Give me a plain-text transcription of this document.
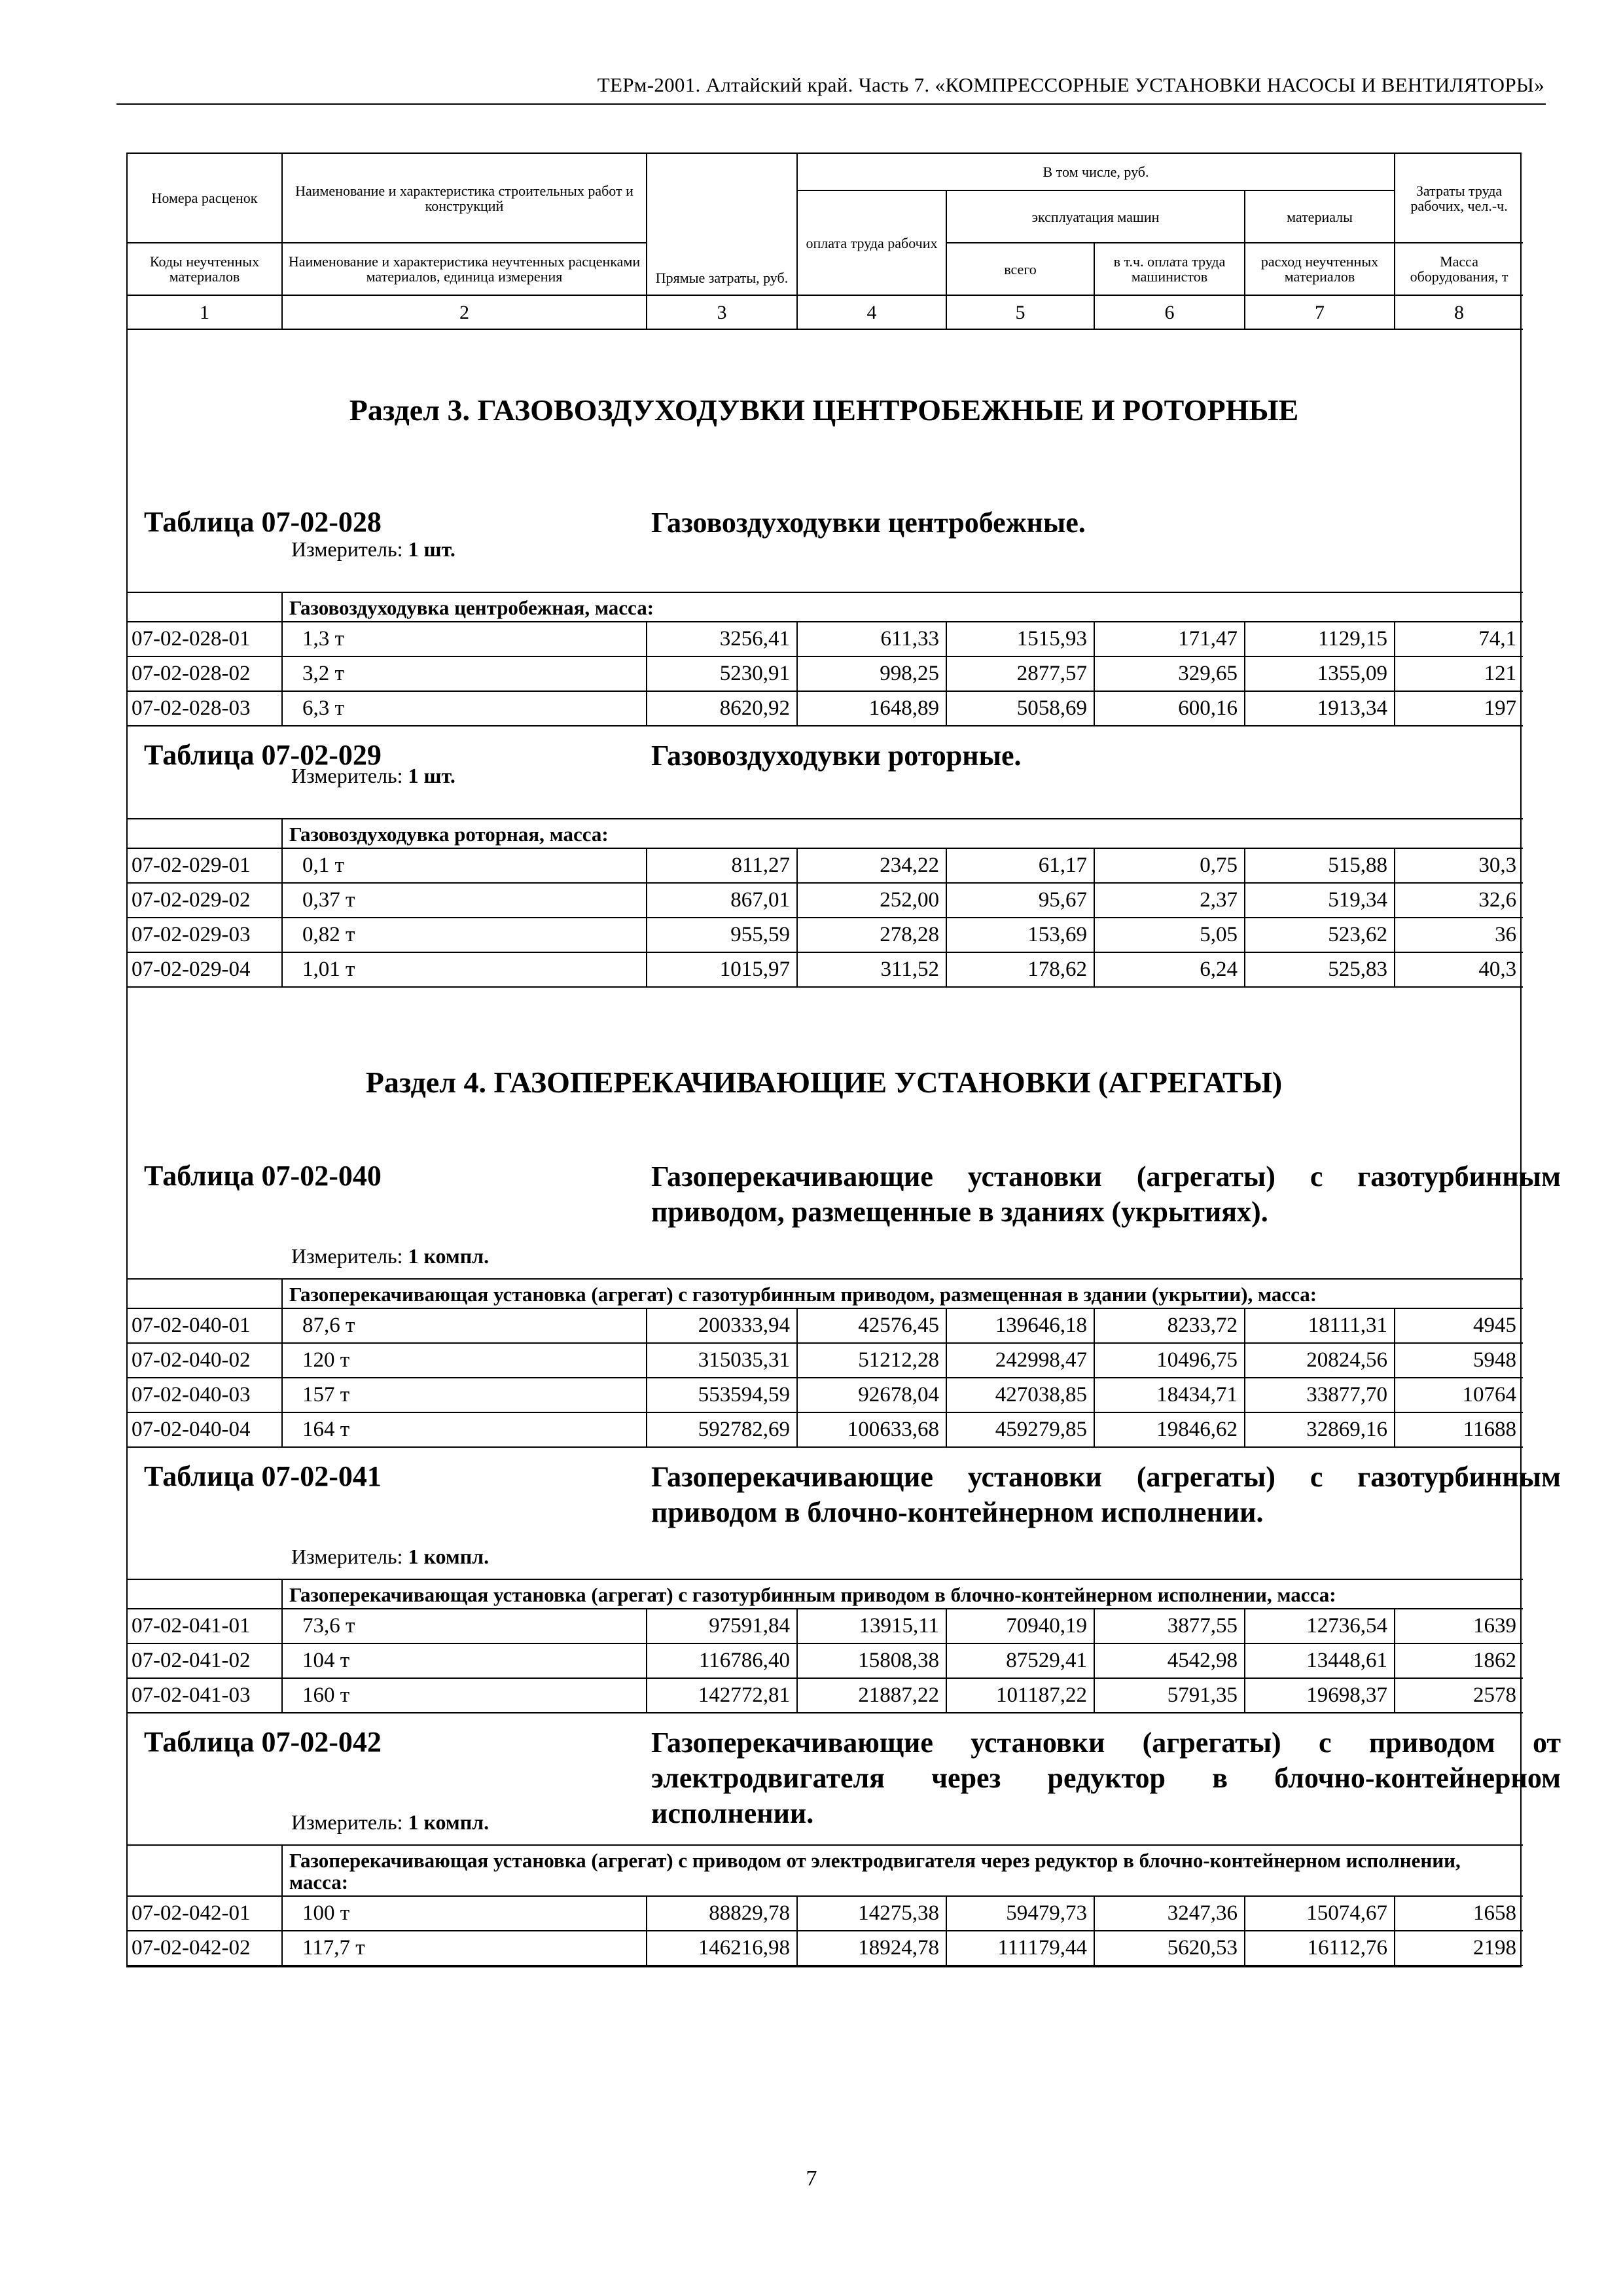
ТЕРм-2001. Алтайский край. Часть 7. «КОМПРЕССОРНЫЕ УСТАНОВКИ НАСОСЫ И ВЕНТИЛЯТОРЫ»
Номера расценок	Наименование и характеристика строительных работ и конструкций	Прямые затраты, руб.	В том числе, руб.				Затраты труда рабочих, чел.-ч.
			оплата труда рабочих	эксплуатация машин		материалы	
Коды неучтенных материалов	Наименование и характеристика неучтенных расценками материалов, единица измерения			всего	в т.ч. оплата труда машинистов	расход неучтенных материалов	Масса оборудования, т
1	2	3	4	5	6	7	8
Раздел 3. ГАЗОВОЗДУХОДУВКИ ЦЕНТРОБЕЖНЫЕ И РОТОРНЫЕ
Таблица 07-02-028	Газовоздуходувки центробежные.
Измеритель: 1 шт.
	Газовоздуходувка центробежная, масса:						
07-02-028-01	1,3 т	3256,41	611,33	1515,93	171,47	1129,15	74,1
07-02-028-02	3,2 т	5230,91	998,25	2877,57	329,65	1355,09	121
07-02-028-03	6,3 т	8620,92	1648,89	5058,69	600,16	1913,34	197
Таблица 07-02-029	Газовоздуходувки роторные.
Измеритель: 1 шт.
	Газовоздуходувка роторная, масса:						
07-02-029-01	0,1 т	811,27	234,22	61,17	0,75	515,88	30,3
07-02-029-02	0,37 т	867,01	252,00	95,67	2,37	519,34	32,6
07-02-029-03	0,82 т	955,59	278,28	153,69	5,05	523,62	36
07-02-029-04	1,01 т	1015,97	311,52	178,62	6,24	525,83	40,3
Раздел 4. ГАЗОПЕРЕКАЧИВАЮЩИЕ УСТАНОВКИ (АГРЕГАТЫ)
Таблица 07-02-040	Газоперекачивающие установки (агрегаты) с газотурбинным приводом, размещенные в зданиях (укрытиях).
Измеритель: 1 компл.
	Газоперекачивающая установка (агрегат) с газотурбинным приводом, размещенная в здании (укрытии), масса:						
07-02-040-01	87,6 т	200333,94	42576,45	139646,18	8233,72	18111,31	4945
07-02-040-02	120 т	315035,31	51212,28	242998,47	10496,75	20824,56	5948
07-02-040-03	157 т	553594,59	92678,04	427038,85	18434,71	33877,70	10764
07-02-040-04	164 т	592782,69	100633,68	459279,85	19846,62	32869,16	11688
Таблица 07-02-041	Газоперекачивающие установки (агрегаты) с газотурбинным приводом в блочно-контейнерном исполнении.
Измеритель: 1 компл.
	Газоперекачивающая установка (агрегат) с газотурбинным приводом в блочно-контейнерном исполнении, масса:						
07-02-041-01	73,6 т	97591,84	13915,11	70940,19	3877,55	12736,54	1639
07-02-041-02	104 т	116786,40	15808,38	87529,41	4542,98	13448,61	1862
07-02-041-03	160 т	142772,81	21887,22	101187,22	5791,35	19698,37	2578
Таблица 07-02-042	Газоперекачивающие установки (агрегаты) с приводом от электродвигателя через редуктор в блочно-контейнерном исполнении.
Измеритель: 1 компл.
	Газоперекачивающая установка (агрегат) с приводом от электродвигателя через редуктор в блочно-контейнерном исполнении, масса:						
07-02-042-01	100 т	88829,78	14275,38	59479,73	3247,36	15074,67	1658
07-02-042-02	117,7 т	146216,98	18924,78	111179,44	5620,53	16112,76	2198
7
